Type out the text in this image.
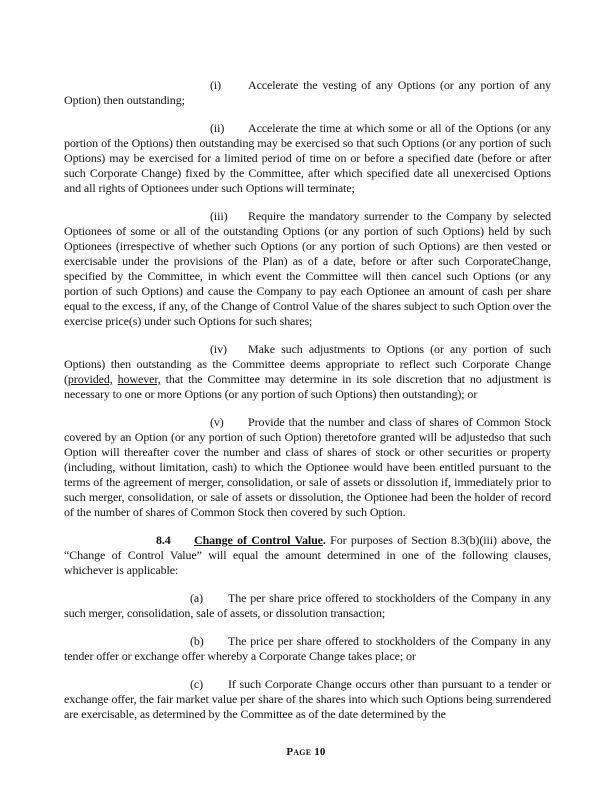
(i) Accelerate the vesting of any Options (or any portion of any Option) then outstanding;

(ii) Accelerate the time at which some or all of the Options (or any portion of the Options) then outstanding may be exercised so that such Options (or any portion of such Options) may be exercised for a limited period of time on or before a specified date (before or after such Corporate Change) fixed by the Committee, after which specified date all unexercised Options and all rights of Optionees under such Options will terminate;

(iii) Require the mandatory surrender to the Company by selected Optionees of some or all of the outstanding Options (or any portion of such Options) held by such Optionees (irrespective of whether such Options (or any portion of such Options) are then vested or exercisable under the provisions of the Plan) as of a date, before or after such CorporateChange, specified by the Committee, in which event the Committee will then cancel such Options (or any portion of such Options) and cause the Company to pay each Optionee an amount of cash per share equal to the excess, if any, of the Change of Control Value of the shares subject to such Option over the exercise price(s) under such Options for such shares;

(iv) Make such adjustments to Options (or any portion of such Options) then outstanding as the Committee deems appropriate to reflect such Corporate Change (provided, however, that the Committee may determine in its sole discretion that no adjustment is necessary to one or more Options (or any portion of such Options) then outstanding); or

(v) Provide that the number and class of shares of Common Stock covered by an Option (or any portion of such Option) theretofore granted will be adjustedso that such Option will thereafter cover the number and class of shares of stock or other securities or property (including, without limitation, cash) to which the Optionee would have been entitled pursuant to the terms of the agreement of merger, consolidation, or sale of assets or dissolution if, immediately prior to such merger, consolidation, or sale of assets or dissolution, the Optionee had been the holder of record of the number of shares of Common Stock then covered by such Option.

8.4 Change of Control Value. For purposes of Section 8.3(b)(iii) above, the “Change of Control Value” will equal the amount determined in one of the following clauses, whichever is applicable:

(a) The per share price offered to stockholders of the Company in any such merger, consolidation, sale of assets, or dissolution transaction;

(b) The price per share offered to stockholders of the Company in any tender offer or exchange offer whereby a Corporate Change takes place; or

(c) If such Corporate Change occurs other than pursuant to a tender or exchange offer, the fair market value per share of the shares into which such Options being surrendered are exercisable, as determined by the Committee as of the date determined by the

Page 10
